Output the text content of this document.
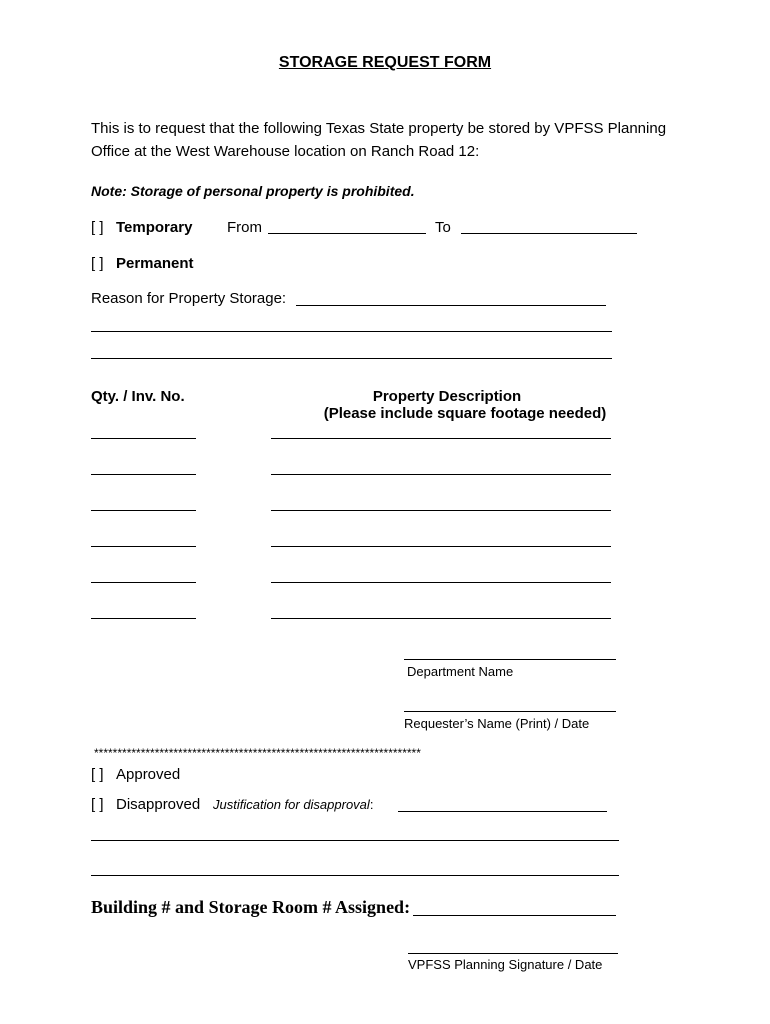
STORAGE REQUEST FORM
This is to request that the following Texas State property be stored by VPFSS Planning Office at the West Warehouse location on Ranch Road 12:
Note: Storage of personal property is prohibited.
[ ] Temporary From	To
[ ] Permanent
Reason for Property Storage:
Qty. / Inv. No.	Property Description
(Please include square footage needed)
Department Name
Requester’s Name (Print) / Date
**********************************************************************
[ ] Approved
[ ] Disapproved Justification for disapproval:
Building # and Storage Room # Assigned:
VPFSS Planning Signature / Date
